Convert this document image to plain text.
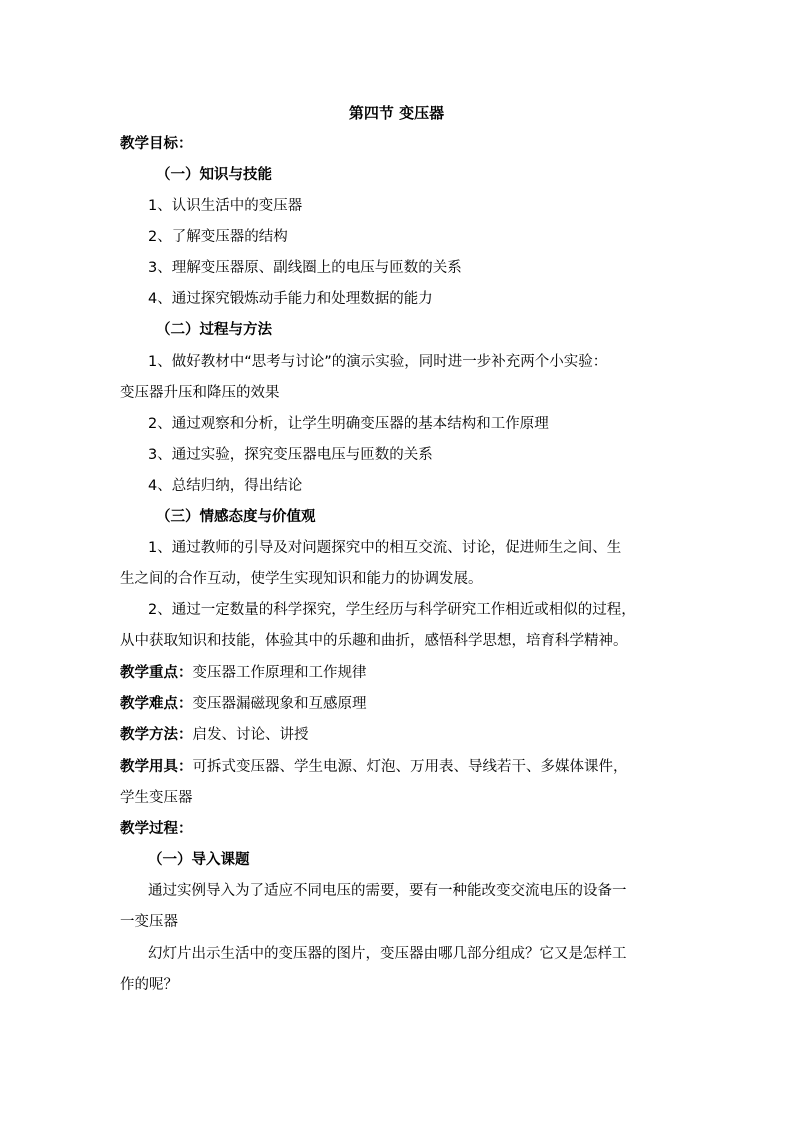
第四节 变压器
教学目标：
（一）知识与技能
1、认识生活中的变压器
2、了解变压器的结构
3、理解变压器原、副线圈上的电压与匝数的关系
4、通过探究锻炼动手能力和处理数据的能力
（二）过程与方法
1、做好教材中“思考与讨论”的演示实验，同时进一步补充两个小实验：
变压器升压和降压的效果
2、通过观察和分析，让学生明确变压器的基本结构和工作原理
3、通过实验，探究变压器电压与匝数的关系
4、总结归纳，得出结论
（三）情感态度与价值观
1、通过教师的引导及对问题探究中的相互交流、讨论，促进师生之间、生
生之间的合作互动，使学生实现知识和能力的协调发展。
2、通过一定数量的科学探究，学生经历与科学研究工作相近或相似的过程，
从中获取知识和技能，体验其中的乐趣和曲折，感悟科学思想，培育科学精神。
教学重点：变压器工作原理和工作规律
教学难点：变压器漏磁现象和互感原理
教学方法：启发、讨论、讲授
教学用具：可拆式变压器、学生电源、灯泡、万用表、导线若干、多媒体课件，
学生变压器
教学过程：
（一）导入课题
通过实例导入为了适应不同电压的需要，要有一种能改变交流电压的设备一
一变压器
幻灯片出示生活中的变压器的图片，变压器由哪几部分组成？它又是怎样工
作的呢？
